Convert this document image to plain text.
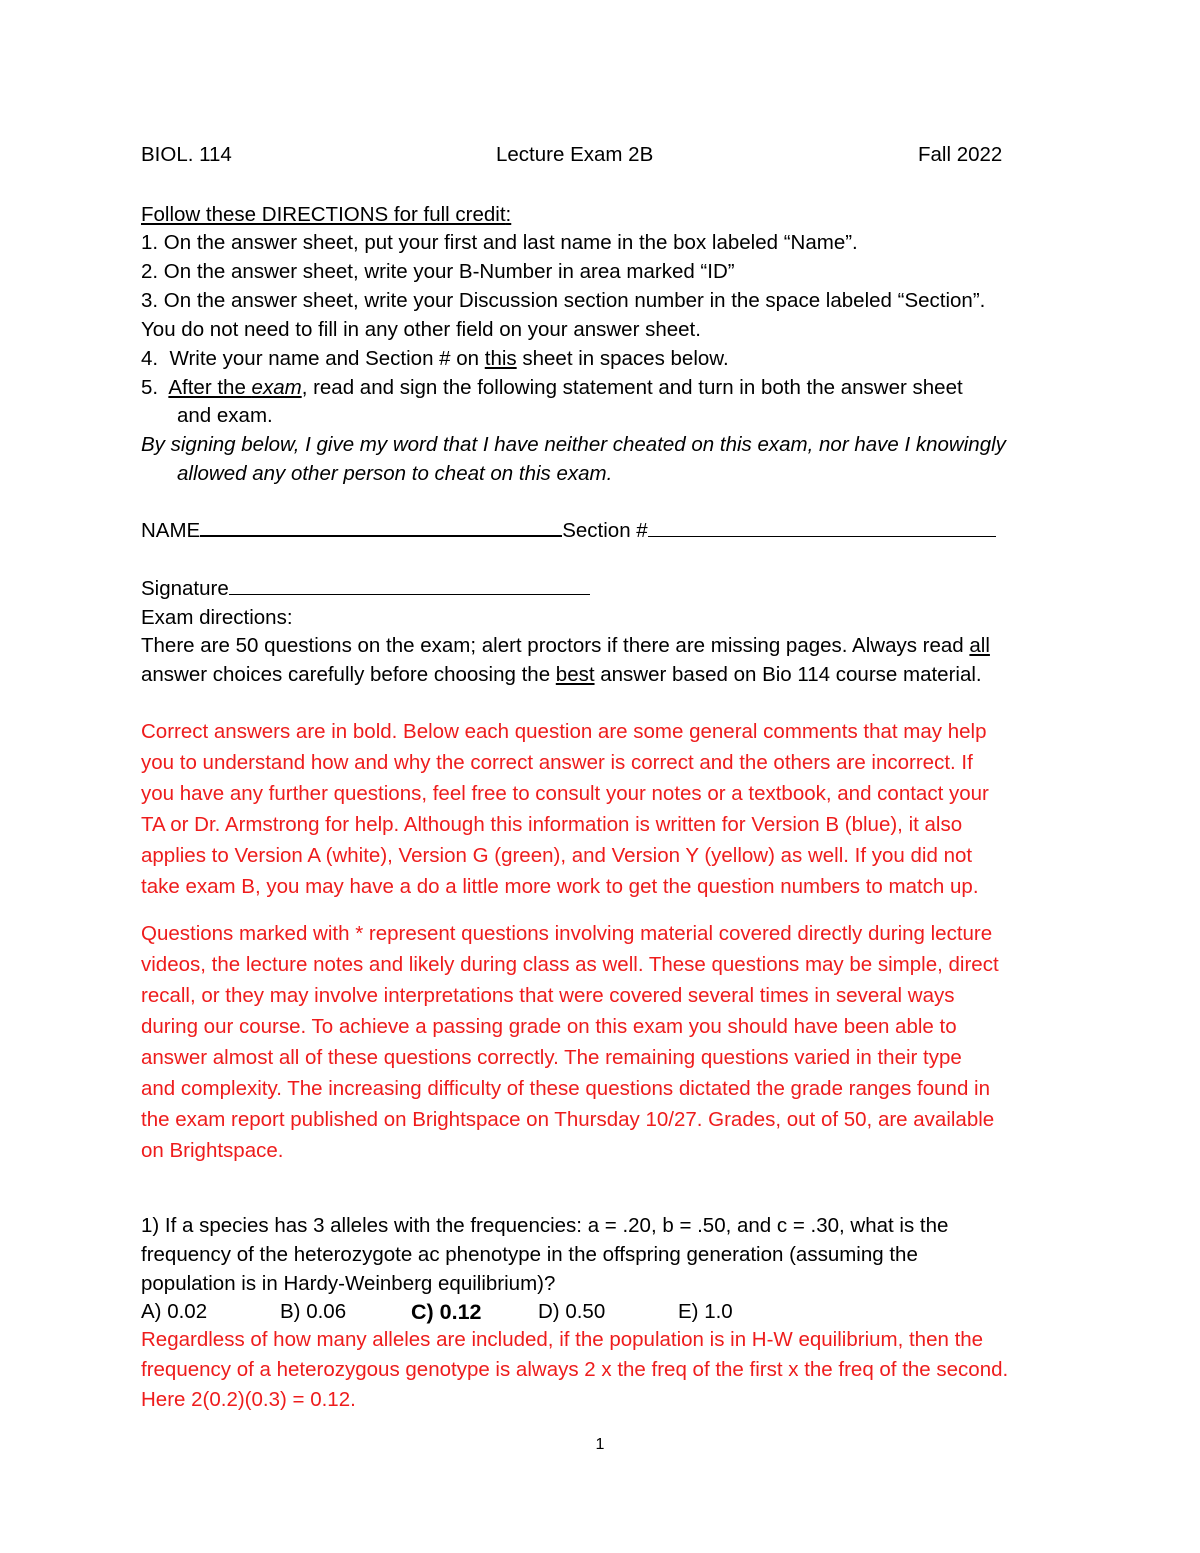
BIOL. 114	Lecture Exam 2B	Fall 2022
Follow these DIRECTIONS for full credit:
1. On the answer sheet, put your first and last name in the box labeled “Name”.
2. On the answer sheet, write your B-Number in area marked “ID”
3. On the answer sheet, write your Discussion section number in the space labeled “Section”.
You do not need to fill in any other field on your answer sheet.
4.  Write your name and Section # on this sheet in spaces below.
5.  After the exam, read and sign the following statement and turn in both the answer sheet
and exam.
By signing below, I give my word that I have neither cheated on this exam, nor have I knowingly
allowed any other person to cheat on this exam.
NAME	Section #
Signature
Exam directions:
There are 50 questions on the exam; alert proctors if there are missing pages. Always read all
answer choices carefully before choosing the best answer based on Bio 114 course material.
Correct answers are in bold. Below each question are some general comments that may help
you to understand how and why the correct answer is correct and the others are incorrect. If
you have any further questions, feel free to consult your notes or a textbook, and contact your
TA or Dr. Armstrong for help. Although this information is written for Version B (blue), it also
applies to Version A (white), Version G (green), and Version Y (yellow) as well. If you did not
take exam B, you may have a do a little more work to get the question numbers to match up.
Questions marked with * represent questions involving material covered directly during lecture
videos, the lecture notes and likely during class as well. These questions may be simple, direct
recall, or they may involve interpretations that were covered several times in several ways
during our course. To achieve a passing grade on this exam you should have been able to
answer almost all of these questions correctly. The remaining questions varied in their type
and complexity. The increasing difficulty of these questions dictated the grade ranges found in
the exam report published on Brightspace on Thursday 10/27. Grades, out of 50, are available
on Brightspace.
1) If a species has 3 alleles with the frequencies: a = .20, b = .50, and c = .30, what is the
frequency of the heterozygote ac phenotype in the offspring generation (assuming the
population is in Hardy-Weinberg equilibrium)?
A) 0.02	B) 0.06	C) 0.12	D) 0.50	E) 1.0
Regardless of how many alleles are included, if the population is in H-W equilibrium, then the
frequency of a heterozygous genotype is always 2 x the freq of the first x the freq of the second.
Here 2(0.2)(0.3) = 0.12.
1
